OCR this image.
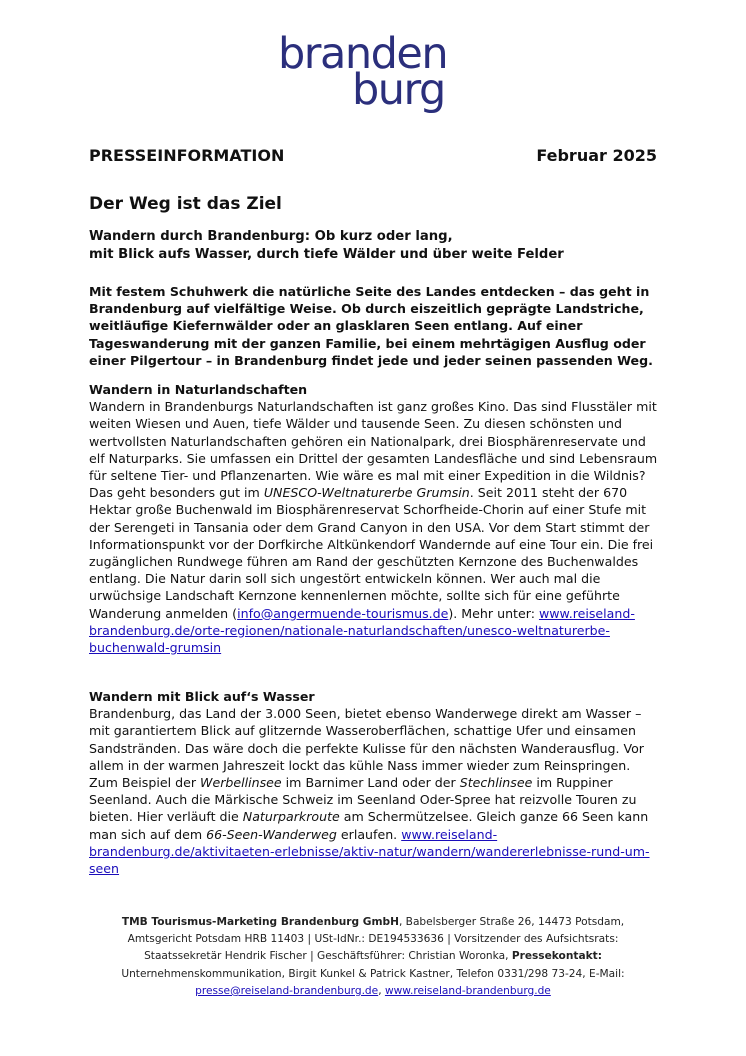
branden
burg
PRESSEINFORMATION	Februar 2025
Der Weg ist das Ziel
Wandern durch Brandenburg: Ob kurz oder lang,
mit Blick aufs Wasser, durch tiefe Wälder und über weite Felder
Mit festem Schuhwerk die natürliche Seite des Landes entdecken – das geht in Brandenburg auf vielfältige Weise. Ob durch eiszeitlich geprägte Landstriche, weitläufige Kiefernwälder oder an glasklaren Seen entlang. Auf einer Tageswanderung mit der ganzen Familie, bei einem mehrtägigen Ausflug oder einer Pilgertour – in Brandenburg findet jede und jeder seinen passenden Weg.
Wandern in Naturlandschaften

Wandern in Brandenburgs Naturlandschaften ist ganz großes Kino. Das sind Flusstäler mit weiten Wiesen und Auen, tiefe Wälder und tausende Seen. Zu diesen schönsten und wertvollsten Naturlandschaften gehören ein Nationalpark, drei Biosphärenreservate und elf Naturparks. Sie umfassen ein Drittel der gesamten Landesfläche und sind Lebensraum für seltene Tier- und Pflanzenarten. Wie wäre es mal mit einer Expedition in die Wildnis? Das geht besonders gut im UNESCO-Weltnaturerbe Grumsin. Seit 2011 steht der 670 Hektar große Buchenwald im Biosphärenreservat Schorfheide-Chorin auf einer Stufe mit der Serengeti in Tansania oder dem Grand Canyon in den USA. Vor dem Start stimmt der Informationspunkt vor der Dorfkirche Altkünkendorf Wandernde auf eine Tour ein. Die frei zugänglichen Rundwege führen am Rand der geschützten Kernzone des Buchenwaldes entlang. Die Natur darin soll sich ungestört entwickeln können. Wer auch mal die urwüchsige Landschaft Kernzone kennenlernen möchte, sollte sich für eine geführte Wanderung anmelden (info@angermuende-tourismus.de). Mehr unter: www.reiseland-brandenburg.de/orte-regionen/nationale-naturlandschaften/unesco-weltnaturerbe-buchenwald-grumsin

Wandern mit Blick auf‘s Wasser

Brandenburg, das Land der 3.000 Seen, bietet ebenso Wanderwege direkt am Wasser – mit garantiertem Blick auf glitzernde Wasseroberflächen, schattige Ufer und einsamen Sandstränden. Das wäre doch die perfekte Kulisse für den nächsten Wanderausflug. Vor allem in der warmen Jahreszeit lockt das kühle Nass immer wieder zum Reinspringen. Zum Beispiel der Werbellinsee im Barnimer Land oder der Stechlinsee im Ruppiner Seenland. Auch die Märkische Schweiz im Seenland Oder-Spree hat reizvolle Touren zu bieten. Hier verläuft die Naturparkroute am Schermützelsee. Gleich ganze 66 Seen kann man sich auf dem 66-Seen-Wanderweg erlaufen. www.reiseland-brandenburg.de/aktivitaeten-erlebnisse/aktiv-natur/wandern/wandererlebnisse-rund-um-seen

TMB Tourismus-Marketing Brandenburg GmbH, Babelsberger Straße 26, 14473 Potsdam, Amtsgericht Potsdam HRB 11403 | USt-IdNr.: DE194533636 | Vorsitzender des Aufsichtsrats: Staatssekretär Hendrik Fischer | Geschäftsführer: Christian Woronka, Pressekontakt: Unternehmenskommunikation, Birgit Kunkel & Patrick Kastner, Telefon 0331/298 73-24, E-Mail: presse@reiseland-brandenburg.de, www.reiseland-brandenburg.de
